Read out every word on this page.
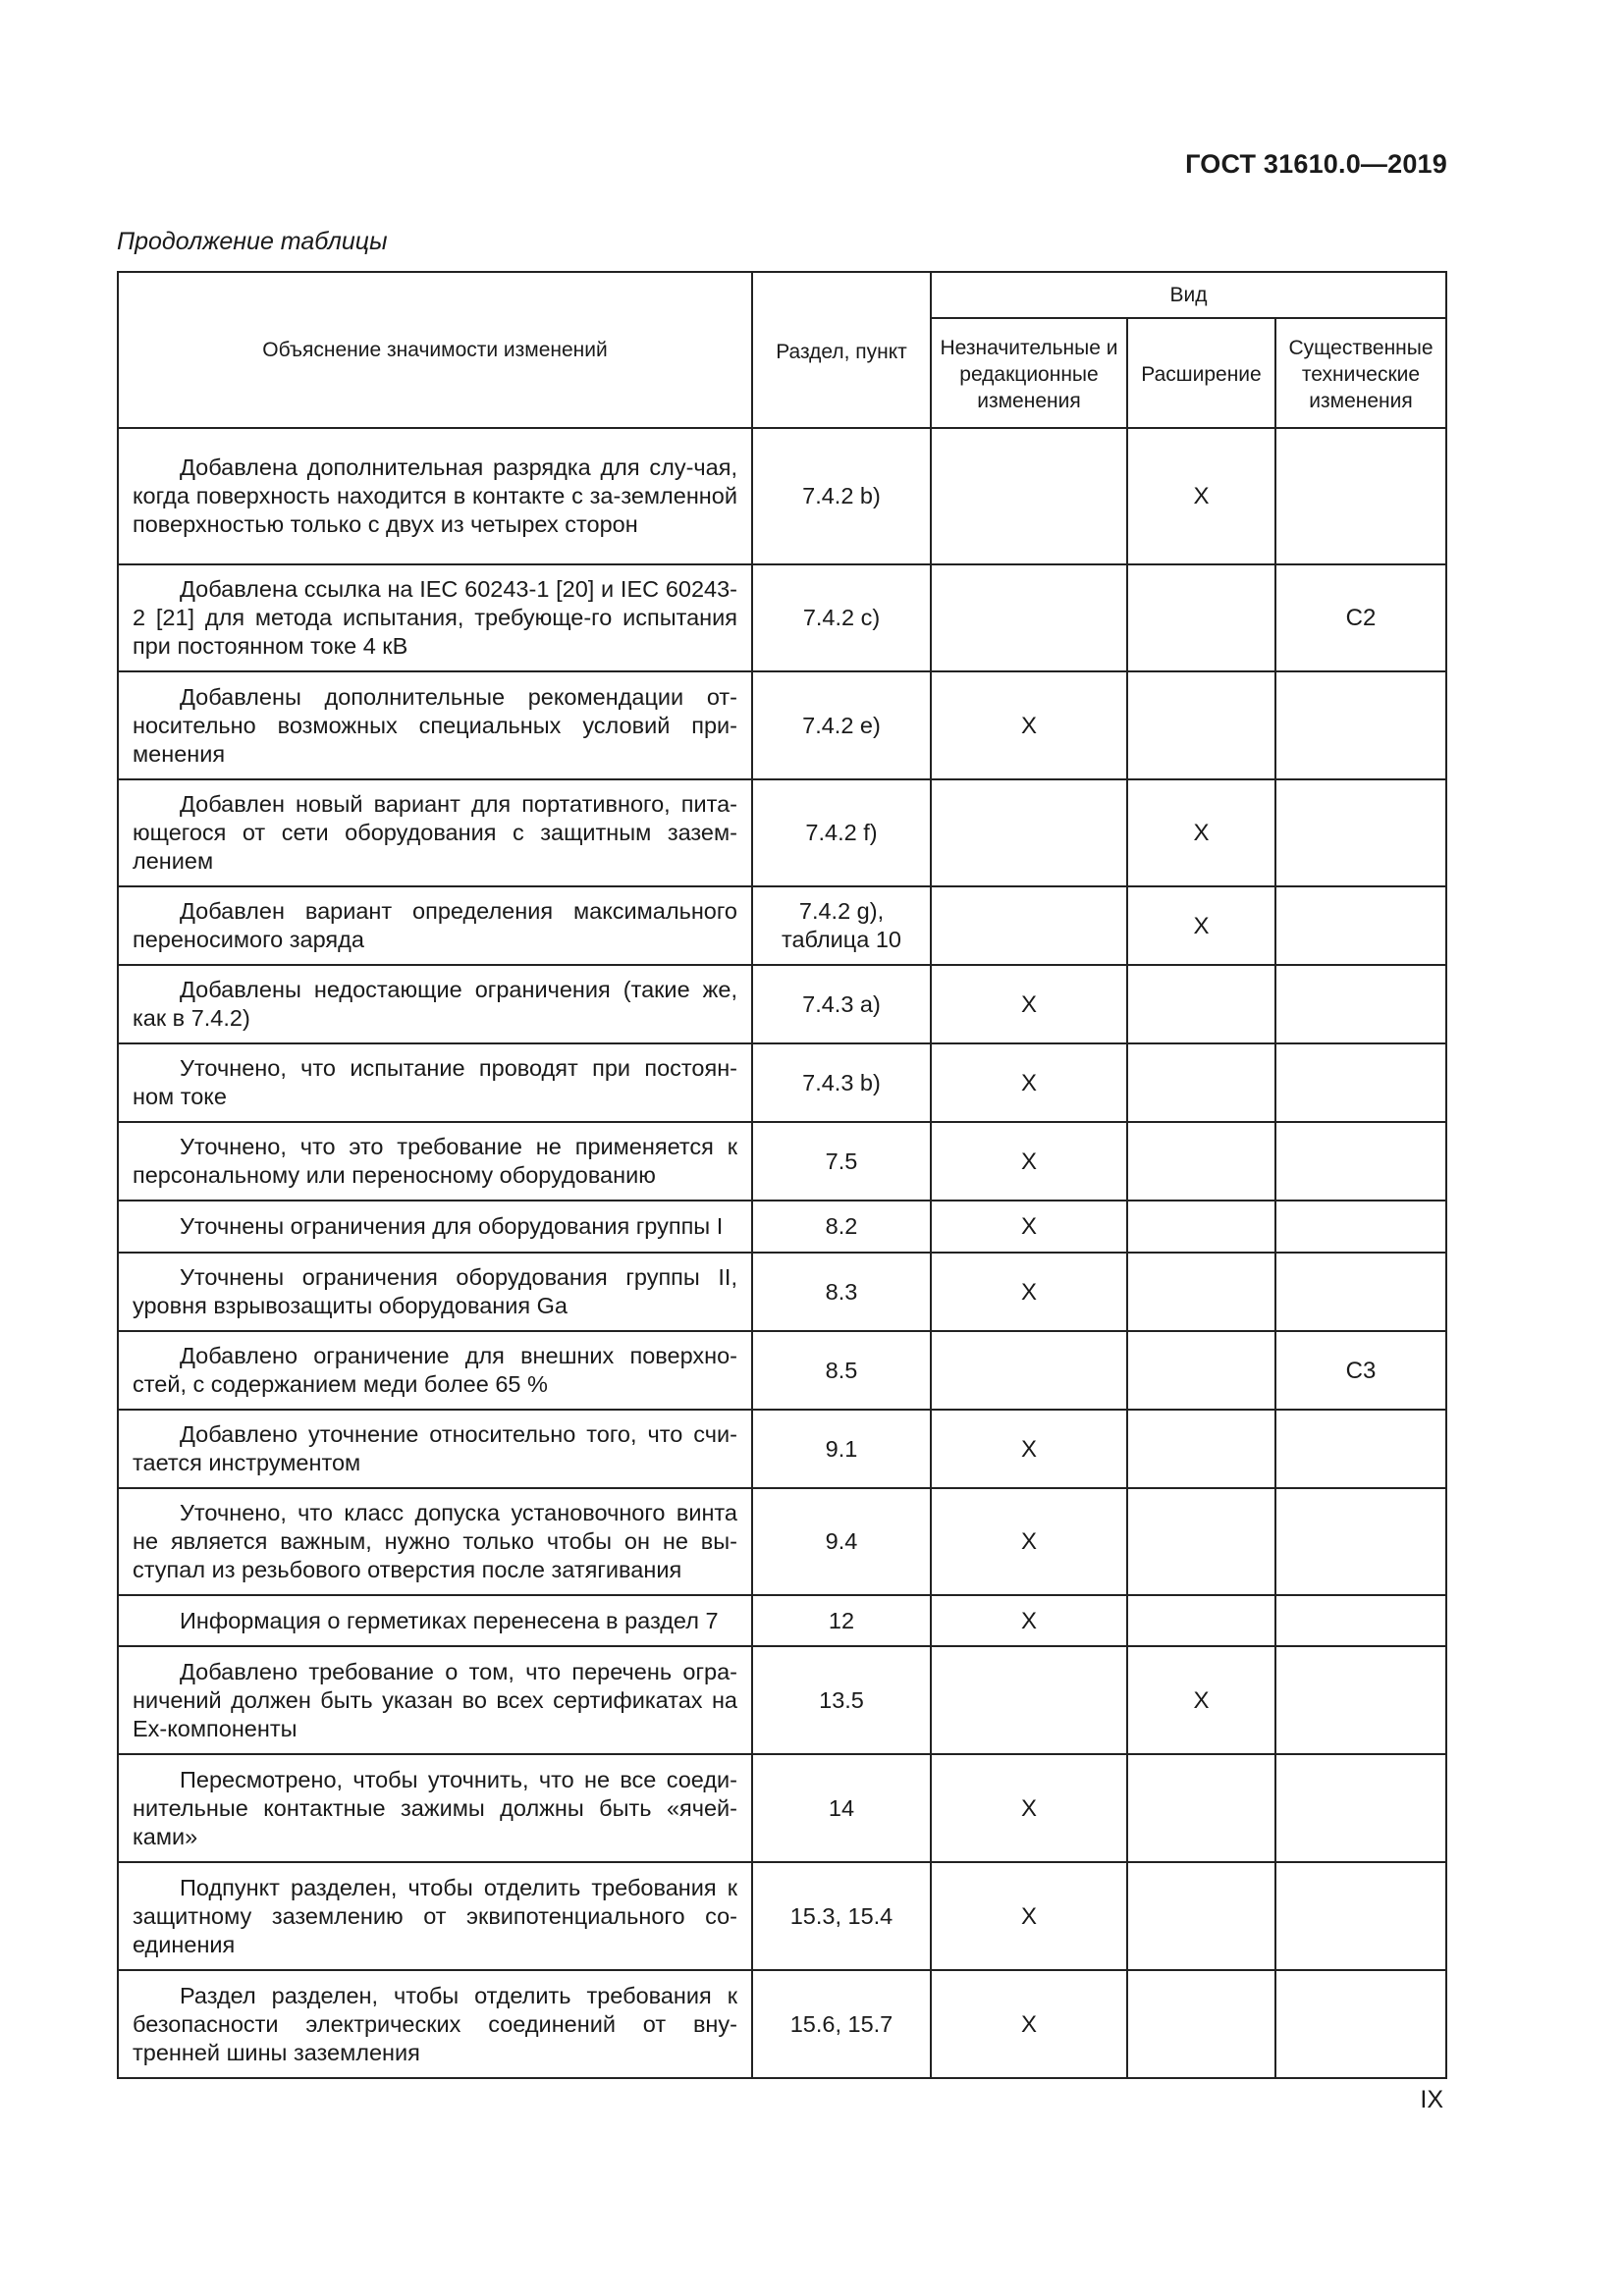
ГОСТ 31610.0—2019
Продолжение таблицы
Объяснение значимости изменений	Раздел, пункт	Вид		
		Незначительные и редакционные изменения	Расширение	Существенные технические изменения
Добавлена дополнительная разрядка для слу-чая, когда поверхность находится в контакте с за-земленной поверхностью только с двух из четырех сторон	7.4.2 b)		X	
Добавлена ссылка на IEC 60243-1 [20] и IEC 60243-2 [21] для метода испытания, требующе-го испытания при постоянном токе 4 кВ	7.4.2 c)			C2
Добавлены дополнительные рекомендации от-носительно возможных специальных условий при-менения	7.4.2 e)	X		
Добавлен новый вариант для портативного, пита-ющегося от сети оборудования с защитным зазем-лением	7.4.2 f)		X	
Добавлен вариант определения максимального переносимого заряда	7.4.2 g), таблица 10		X	
Добавлены недостающие ограничения (такие же, как в 7.4.2)	7.4.3 a)	X		
Уточнено, что испытание проводят при постоян-ном токе	7.4.3 b)	X		
Уточнено, что это требование не применяется к персональному или переносному оборудованию	7.5	X		
Уточнены ограничения для оборудования группы I	8.2	X		
Уточнены ограничения оборудования группы II, уровня взрывозащиты оборудования Ga	8.3	X		
Добавлено ограничение для внешних поверхно-стей, с содержанием меди более 65 %	8.5			C3
Добавлено уточнение относительно того, что счи-тается инструментом	9.1	X		
Уточнено, что класс допуска установочного винта не является важным, нужно только чтобы он не вы-ступал из резьбового отверстия после затягивания	9.4	X		
Информация о герметиках перенесена в раздел 7	12	X		
Добавлено требование о том, что перечень огра-ничений должен быть указан во всех сертификатах на Ex-компоненты	13.5		X	
Пересмотрено, чтобы уточнить, что не все соеди-нительные контактные зажимы должны быть «ячей-ками»	14	X		
Подпункт разделен, чтобы отделить требования к защитному заземлению от эквипотенциального со-единения	15.3, 15.4	X		
Раздел разделен, чтобы отделить требования к безопасности электрических соединений от вну-тренней шины заземления	15.6, 15.7	X		
IX
